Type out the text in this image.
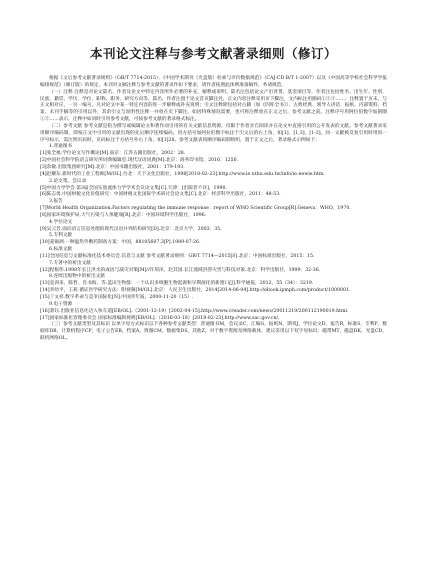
本刊论文注释与参考文献著录细则（修订）

根据《文后参考文献著录规则》（GB/T 7714-2015）、《中国学术期刊（光盘版）检索与评价数据规范》（CAJ-CD B/T 1-2007）以及《中国高等学校社会科学学报编排规范》（修订版）的规定，本刊对文稿注释与参考文献的著录作如下要求，请作者按照此体例准备稿件，务请规范。

（一）注释 注释是对论文篇名、作者及论文中特定内容所作必要的补充、解释或说明。篇名注包括论文产出背景、基金项目等，作者注包括姓名、出生年、性别、民族、籍贯、学历、学位、职称、职务、研究方向等。篇名、作者注置于论文首页脚注处，正文内容注释采用页下脚注，文内标注用圈码①②③……；注释置于页末，与正文相对应，一页一编号。凡对论文中某一特定内容的进一步解释或补充说明；引文注释除包括对古籍（如《四库全书》）、古典经典、领导人讲话、报纸、内部资料、档案、未刊手稿等的引用以外，其余引文与说明性注释一并放在页下脚注。如因特殊情况需要，也可将注释放在正文之后，参考文献之前。注释序号用阿拉伯数字加圆圈①②……表示，注释中如同时引用参考文献，可按参考文献的著录格式标注。

（二）参考文献 参考文献是指为撰写或编辑论文和著作而引用的有关文献信息资源，仅限于作者亲自阅读并在论文中直接引用的公开发表的文献。参考文献著录采用顺序编码制，即按正文中引用的文献出现的先后顺序连续编码，用方括号加阿拉伯数字标注于引文后的右上角，如[1]、[1,3]、[1-3]。同一文献被反复引用时用同一序号标示，需注明页码时，页码标注于方括号外右上角，如[1]28。参考文献表按顺序编码制组织，置于正文之后，著录格式示例如下：

1.普通图书

[1]张全福.学位论文写作概论[M].南京：江苏古籍出版社，2002：28.

[2]中国社会科学院语言研究所词典编辑室.现代汉语词典[M].北京：商务印书馆，2016：1250.

[3]余敏.出版集团研究[M].北京：中国书籍出版社，2001：179-193.

[4]赵耀东.新时代的工业工程师[M/OL].台北：天下文化出版社，1998[2018-02-23].http://www.ie.nthu.edu.tw/info/ie.newie.htm.

2.论文集、会议录

[5]中国力学学会.第3届全国实验流体力学学术会议论文集[C].天津：[出版者不详]，1990.

[6]陈志勇.中国财税文化价值研究：中国财税文化国际学术研讨会论文集[C].北京：经济科学出版社，2011：48-53.

3.报告

[7]World Health Organization.Factors regulating the immune response：report of WHO Scientific Group[R].Geneva：WHO，1970.

[8]国家环境保护局.大气污染与人体健康[R].北京：中国环境科学出版社，1996.

4.学位论文

[9]吴云芳.面向语言信息处理的现代汉语并列结构研究[D].北京：北京大学，2003：35.

5.专利文献

[10]姜锡洲.一种温热外敷药制备方案：中国，88105607.3[P].1989-07-26.

6.标准文献

[11]全国信息与文献标准化技术委员会.信息与文献 参考文献著录规则：GB/T 7714—2015[S].北京：中国标准出版社，2015：15.

7.专著中的析出文献

[12]程根伟.1998年长江洪水的成因与减灾对策[M]//许厚泽，赵其国.长江流域洪涝灾害与科技对策.北京：科学出版社，1999：32-36.

8.连续出版物中的析出文献

[13]袁训来，陈哲，肖书海，等.蓝田生物群：一个认识多细胞生物起源和早期演化的新窗口[J].科学通报，2012，55（34）：3219.

[14]李幼平，王莉.循证医学研究方法：附视频[M/OL].北京：人民卫生出版社，2014[2014-06-04].http://ebook.ipmph.com/product/1000001.

[15]丁文祥.数字革命与竞争国际化[N].中国青年报，2000-11-20（15）.

9.电子资源

[16]萧钰.出版业信息化迈入快车道[EB/OL].（2001-12-19）[2002-04-15].http://www.creader.com/news/20011219/200112190019.html.

[17]国家标准化管理委员会.国家标准编制规则[EB/OL].（2016-03-18）[2018-02-23].http://www.sac.gov.cn/.

（三）参考文献类型及其标识 以单字母方式标识以下各种参考文献类型：普通图书M，会议录C，汇编G，报纸N，期刊J，学位论文D，报告R，标准S，专利P，数据库DB，计算机程序CP，电子公告EB，档案A，舆图CM，数据集DS，其他Z。对于数字资源及网络载体，建议采用以下双字母标识：磁带MT，磁盘DK，光盘CD，联机网络OL。
